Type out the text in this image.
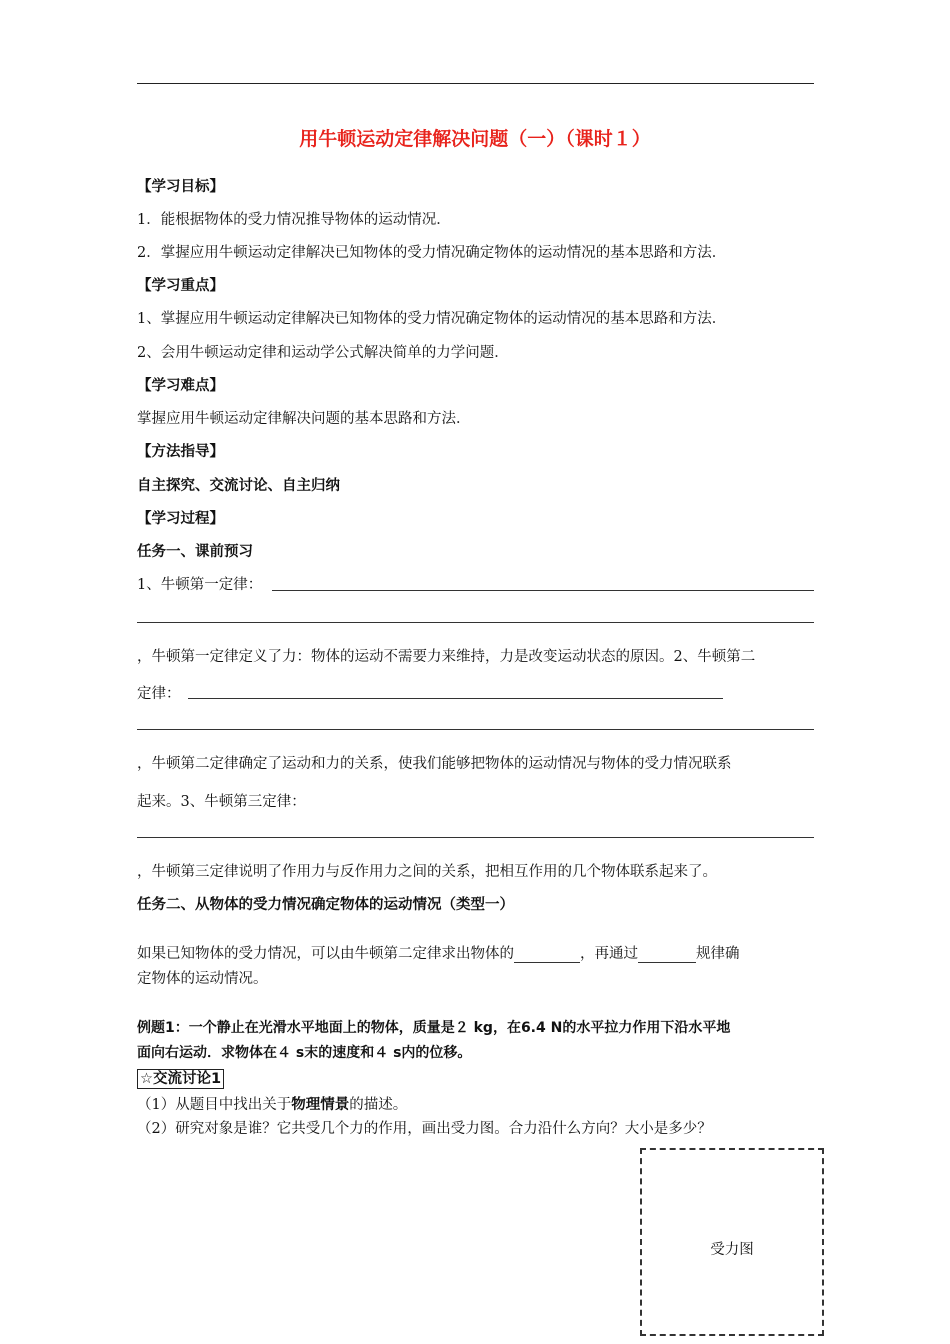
用牛顿运动定律解决问题（一）（课时１）
【学习目标】
1．能根据物体的受力情况推导物体的运动情况．
2．掌握应用牛顿运动定律解决已知物体的受力情况确定物体的运动情况的基本思路和方法．
【学习重点】
1、掌握应用牛顿运动定律解决已知物体的受力情况确定物体的运动情况的基本思路和方法．
2、会用牛顿运动定律和运动学公式解决简单的力学问题．
【学习难点】
掌握应用牛顿运动定律解决问题的基本思路和方法．
【方法指导】
自主探究、交流讨论、自主归纳
【学习过程】
任务一、课前预习
1、牛顿第一定律：
，牛顿第一定律定义了力：物体的运动不需要力来维持，力是改变运动状态的原因。2、牛顿第二
定律：
，牛顿第二定律确定了运动和力的关系，使我们能够把物体的运动情况与物体的受力情况联系
起来。3、牛顿第三定律：
，牛顿第三定律说明了作用力与反作用力之间的关系，把相互作用的几个物体联系起来了。
任务二、从物体的受力情况确定物体的运动情况（类型一）
如果已知物体的受力情况，可以由牛顿第二定律求出物体的	，再通过	规律确
定物体的运动情况。
例题1：一个静止在光滑水平地面上的物体，质量是２ kg，在6.4 N的水平拉力作用下沿水平地
面向右运动．求物体在４ s末的速度和４ s内的位移。
☆交流讨论1
（1）从题目中找出关于物理情景的描述。
（2）研究对象是谁？它共受几个力的作用，画出受力图。合力沿什么方向？大小是多少？
受力图
